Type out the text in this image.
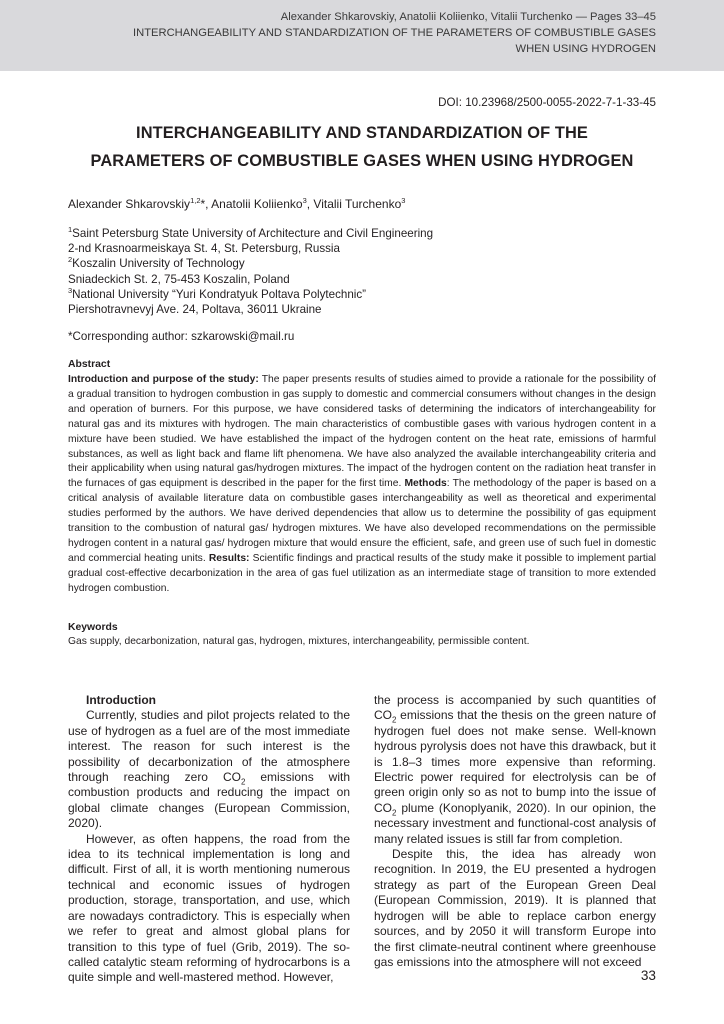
Alexander Shkarovskiy, Anatolii Koliienko, Vitalii Turchenko — Pages 33–45
INTERCHANGEABILITY AND STANDARDIZATION OF THE PARAMETERS OF COMBUSTIBLE GASES
WHEN USING HYDROGEN
DOI: 10.23968/2500-0055-2022-7-1-33-45
INTERCHANGEABILITY AND STANDARDIZATION OF THE
PARAMETERS OF COMBUSTIBLE GASES WHEN USING HYDROGEN
Alexander Shkarovskiy$^{1,2}$*, Anatolii Koliienko$^3$, Vitalii Turchenko$^3$
$^1$Saint Petersburg State University of Architecture and Civil Engineering
2-nd Krasnoarmeiskaya St. 4, St. Petersburg, Russia
$^2$Koszalin University of Technology
Sniadeckich St. 2, 75-453 Koszalin, Poland
$^3$National University “Yuri Kondratyuk Poltava Polytechnic”
Piershotravnevyj Ave. 24, Poltava, 36011 Ukraine
*Corresponding author: szkarowski@mail.ru
Abstract
Introduction and purpose of the study: The paper presents results of studies aimed to provide a rationale for the possibility of a gradual transition to hydrogen combustion in gas supply to domestic and commercial consumers without changes in the design and operation of burners. For this purpose, we have considered tasks of determining the indicators of interchangeability for natural gas and its mixtures with hydrogen. The main characteristics of combustible gases with various hydrogen content in a mixture have been studied. We have established the impact of the hydrogen content on the heat rate, emissions of harmful substances, as well as light back and flame lift phenomena. We have also analyzed the available interchangeability criteria and their applicability when using natural gas/hydrogen mixtures. The impact of the hydrogen content on the radiation heat transfer in the furnaces of gas equipment is described in the paper for the first time. Methods: The methodology of the paper is based on a critical analysis of available literature data on combustible gases interchangeability as well as theoretical and experimental studies performed by the authors. We have derived dependencies that allow us to determine the possibility of gas equipment transition to the combustion of natural gas/ hydrogen mixtures. We have also developed recommendations on the permissible hydrogen content in a natural gas/ hydrogen mixture that would ensure the efficient, safe, and green use of such fuel in domestic and commercial heating units. Results: Scientific findings and practical results of the study make it possible to implement partial gradual cost-effective decarbonization in the area of gas fuel utilization as an intermediate stage of transition to more extended hydrogen combustion.
Keywords
Gas supply, decarbonization, natural gas, hydrogen, mixtures, interchangeability, permissible content.
Introduction

Currently, studies and pilot projects related to the use of hydrogen as a fuel are of the most immediate interest. The reason for such interest is the possibility of decarbonization of the atmosphere through reaching zero $CO_2$ emissions with combustion products and reducing the impact on global climate changes (European Commission, 2020).

However, as often happens, the road from the idea to its technical implementation is long and difficult. First of all, it is worth mentioning numerous technical and economic issues of hydrogen production, storage, transportation, and use, which are nowadays contradictory. This is especially when we refer to great and almost global plans for transition to this type of fuel (Grib, 2019). The so-called catalytic steam reforming of hydrocarbons is a quite simple and well-mastered method. However,

the process is accompanied by such quantities of $CO_2$ emissions that the thesis on the green nature of hydrogen fuel does not make sense. Well-known hydrous pyrolysis does not have this drawback, but it is 1.8–3 times more expensive than reforming. Electric power required for electrolysis can be of green origin only so as not to bump into the issue of $CO_2$ plume (Konoplyanik, 2020). In our opinion, the necessary investment and functional-cost analysis of many related issues is still far from completion.

Despite this, the idea has already won recognition. In 2019, the EU presented a hydrogen strategy as part of the European Green Deal (European Commission, 2019). It is planned that hydrogen will be able to replace carbon energy sources, and by 2050 it will transform Europe into the first climate-neutral continent where greenhouse gas emissions into the atmosphere will not exceed

33
